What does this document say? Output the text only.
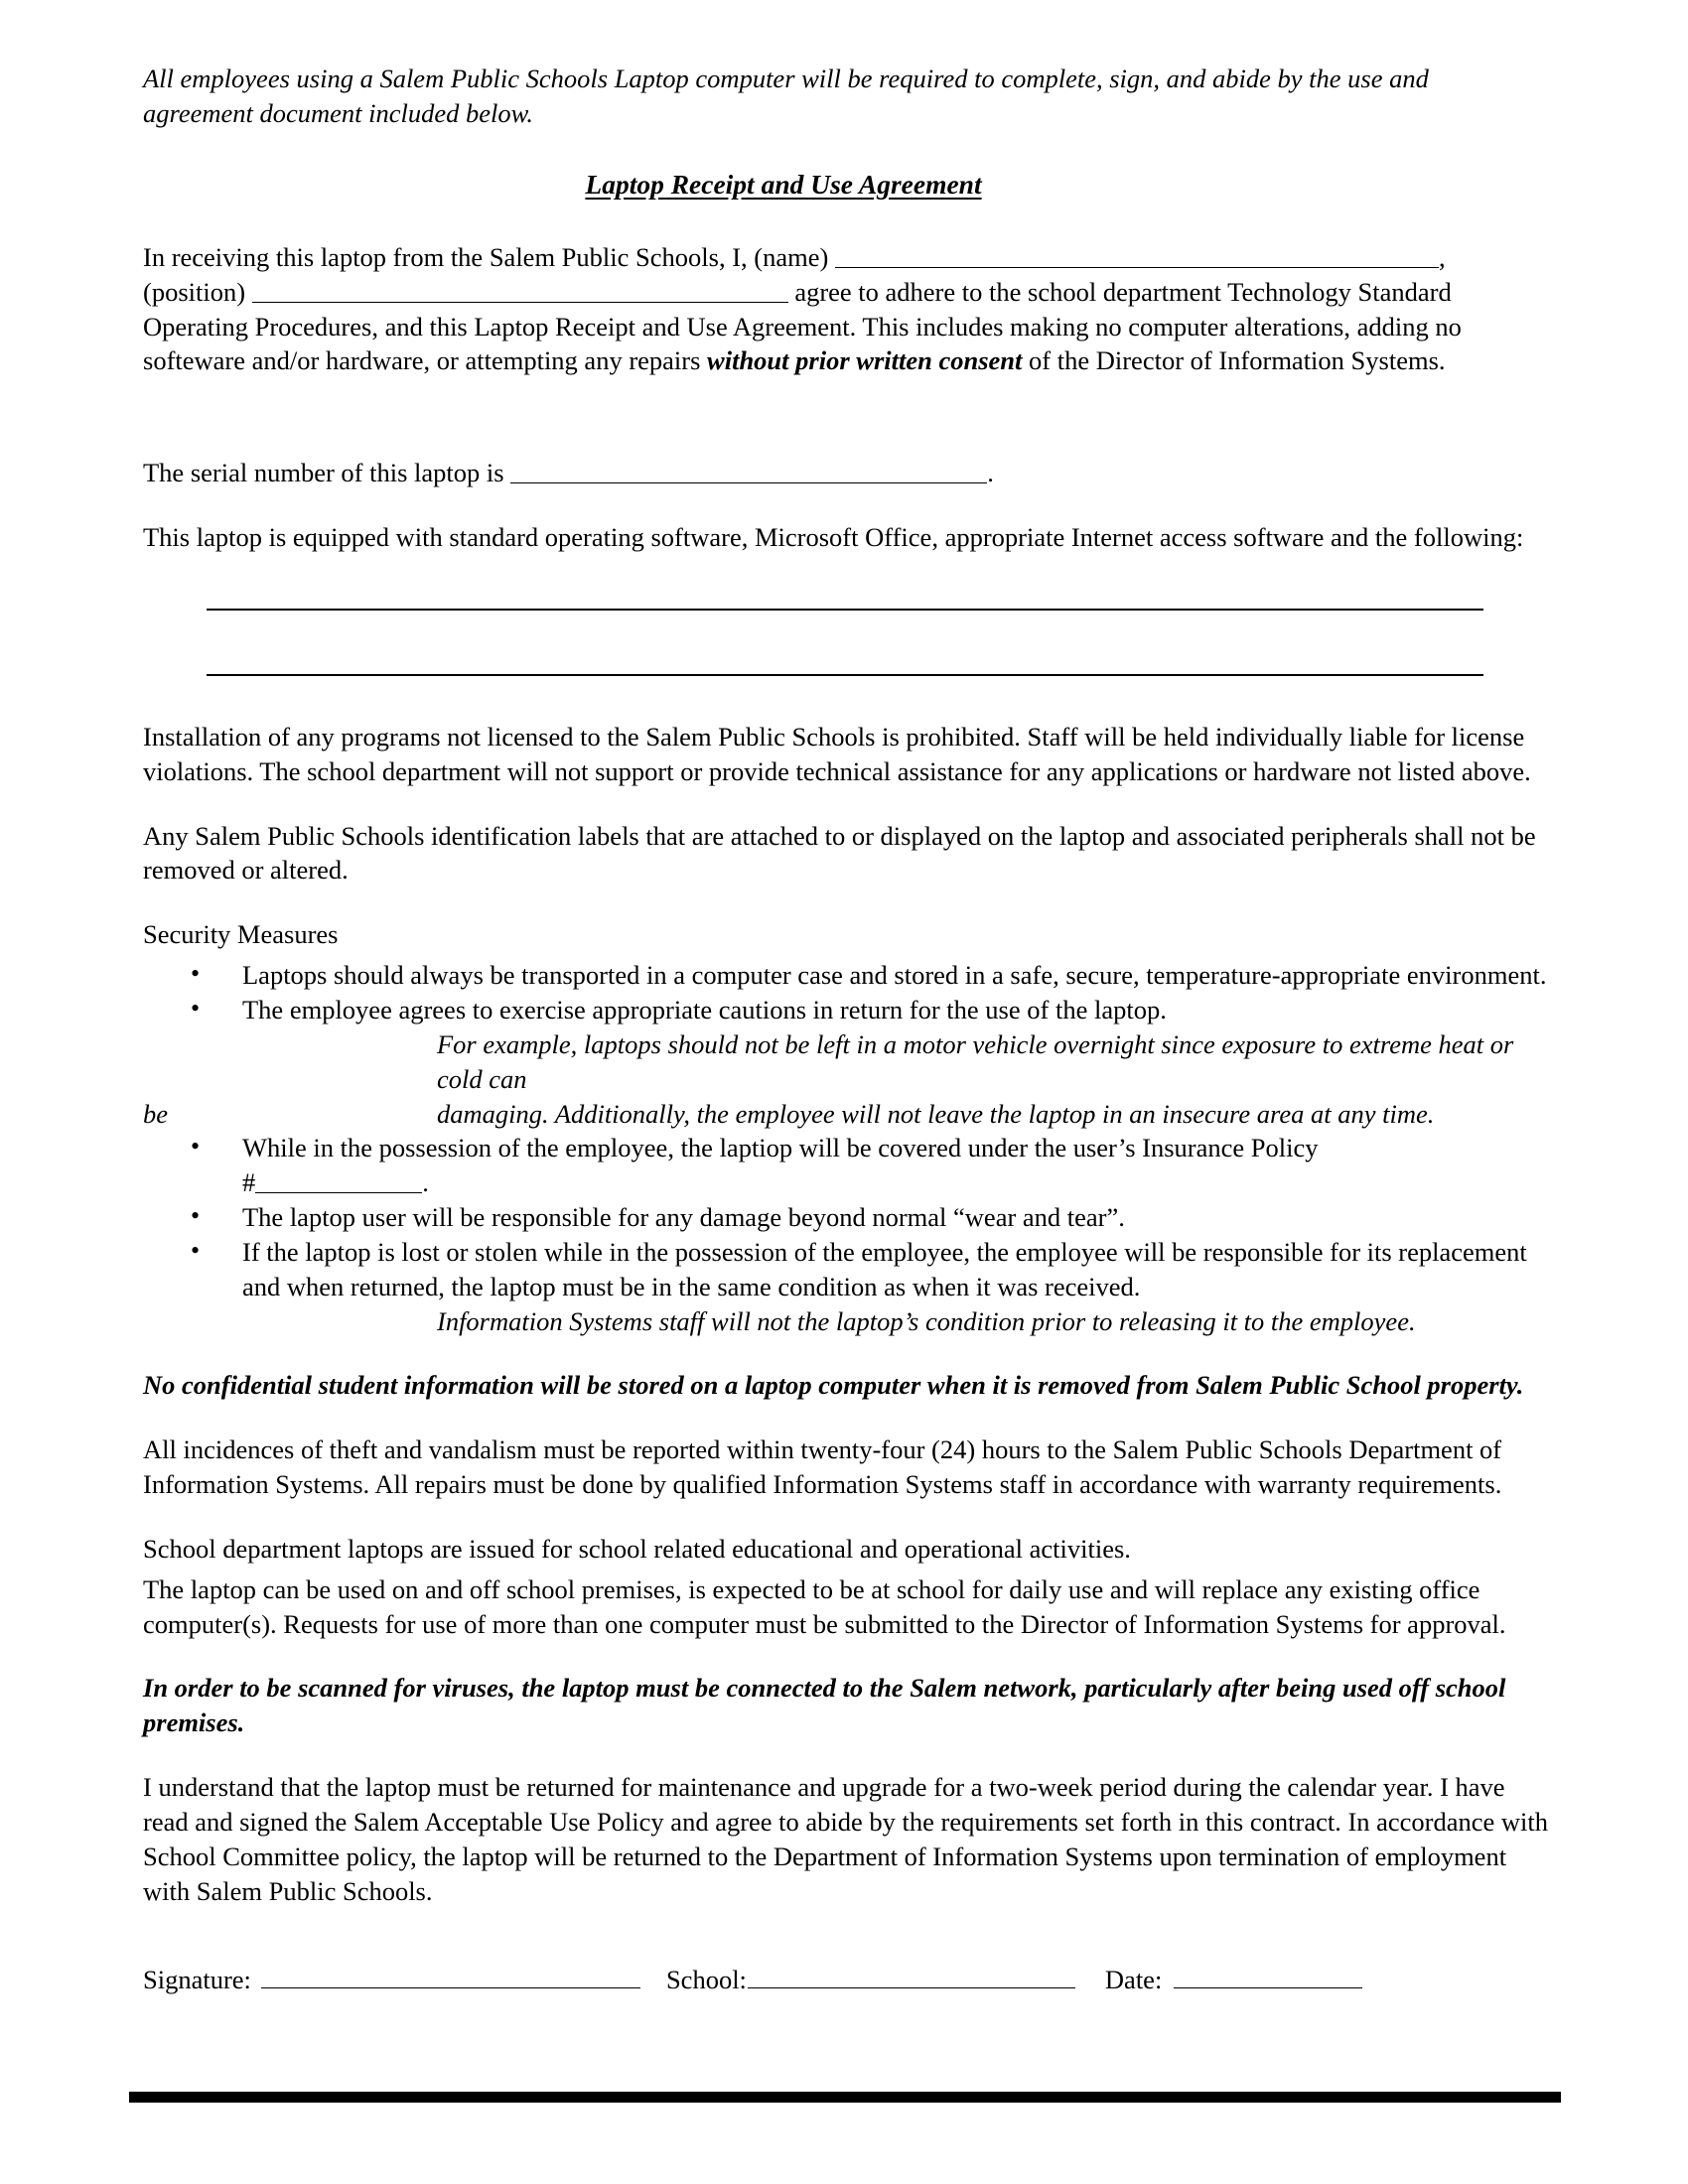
All employees using a Salem Public Schools Laptop computer will be required to complete, sign, and abide by the use and agreement document included below.

Laptop Receipt and Use Agreement

In receiving this laptop from the Salem Public Schools, I, (name)	, (position)	agree to adhere to the school department Technology Standard Operating Procedures, and this Laptop Receipt and Use Agreement. This includes making no computer alterations, adding no softeware and/or hardware, or attempting any repairs without prior written consent of the Director of Information Systems.

The serial number of this laptop is	.

This laptop is equipped with standard operating software, Microsoft Office, appropriate Internet access software and the following:

Installation of any programs not licensed to the Salem Public Schools is prohibited. Staff will be held individually liable for license violations. The school department will not support or provide technical assistance for any applications or hardware not listed above.

Any Salem Public Schools identification labels that are attached to or displayed on the laptop and associated peripherals shall not be removed or altered.

Security Measures

• Laptops should always be transported in a computer case and stored in a safe, secure, temperature-appropriate environment.
• The employee agrees to exercise appropriate cautions in return for the use of the laptop.
For example, laptops should not be left in a motor vehicle overnight since exposure to extreme heat or cold can
be	damaging. Additionally, the employee will not leave the laptop in an insecure area at any time.
• While in the possession of the employee, the laptiop will be covered under the user’s Insurance Policy
#	.
• The laptop user will be responsible for any damage beyond normal “wear and tear”.
• If the laptop is lost or stolen while in the possession of the employee, the employee will be responsible for its replacement and when returned, the laptop must be in the same condition as when it was received.
Information Systems staff will not the laptop’s condition prior to releasing it to the employee.

No confidential student information will be stored on a laptop computer when it is removed from Salem Public School property.

All incidences of theft and vandalism must be reported within twenty-four (24) hours to the Salem Public Schools Department of Information Systems. All repairs must be done by qualified Information Systems staff in accordance with warranty requirements.

School department laptops are issued for school related educational and operational activities.

The laptop can be used on and off school premises, is expected to be at school for daily use and will replace any existing office computer(s). Requests for use of more than one computer must be submitted to the Director of Information Systems for approval.

In order to be scanned for viruses, the laptop must be connected to the Salem network, particularly after being used off school premises.

I understand that the laptop must be returned for maintenance and upgrade for a two-week period during the calendar year. I have read and signed the Salem Acceptable Use Policy and agree to abide by the requirements set forth in this contract. In accordance with School Committee policy, the laptop will be returned to the Department of Information Systems upon termination of employment with Salem Public Schools.

Signature:	School:	Date:
